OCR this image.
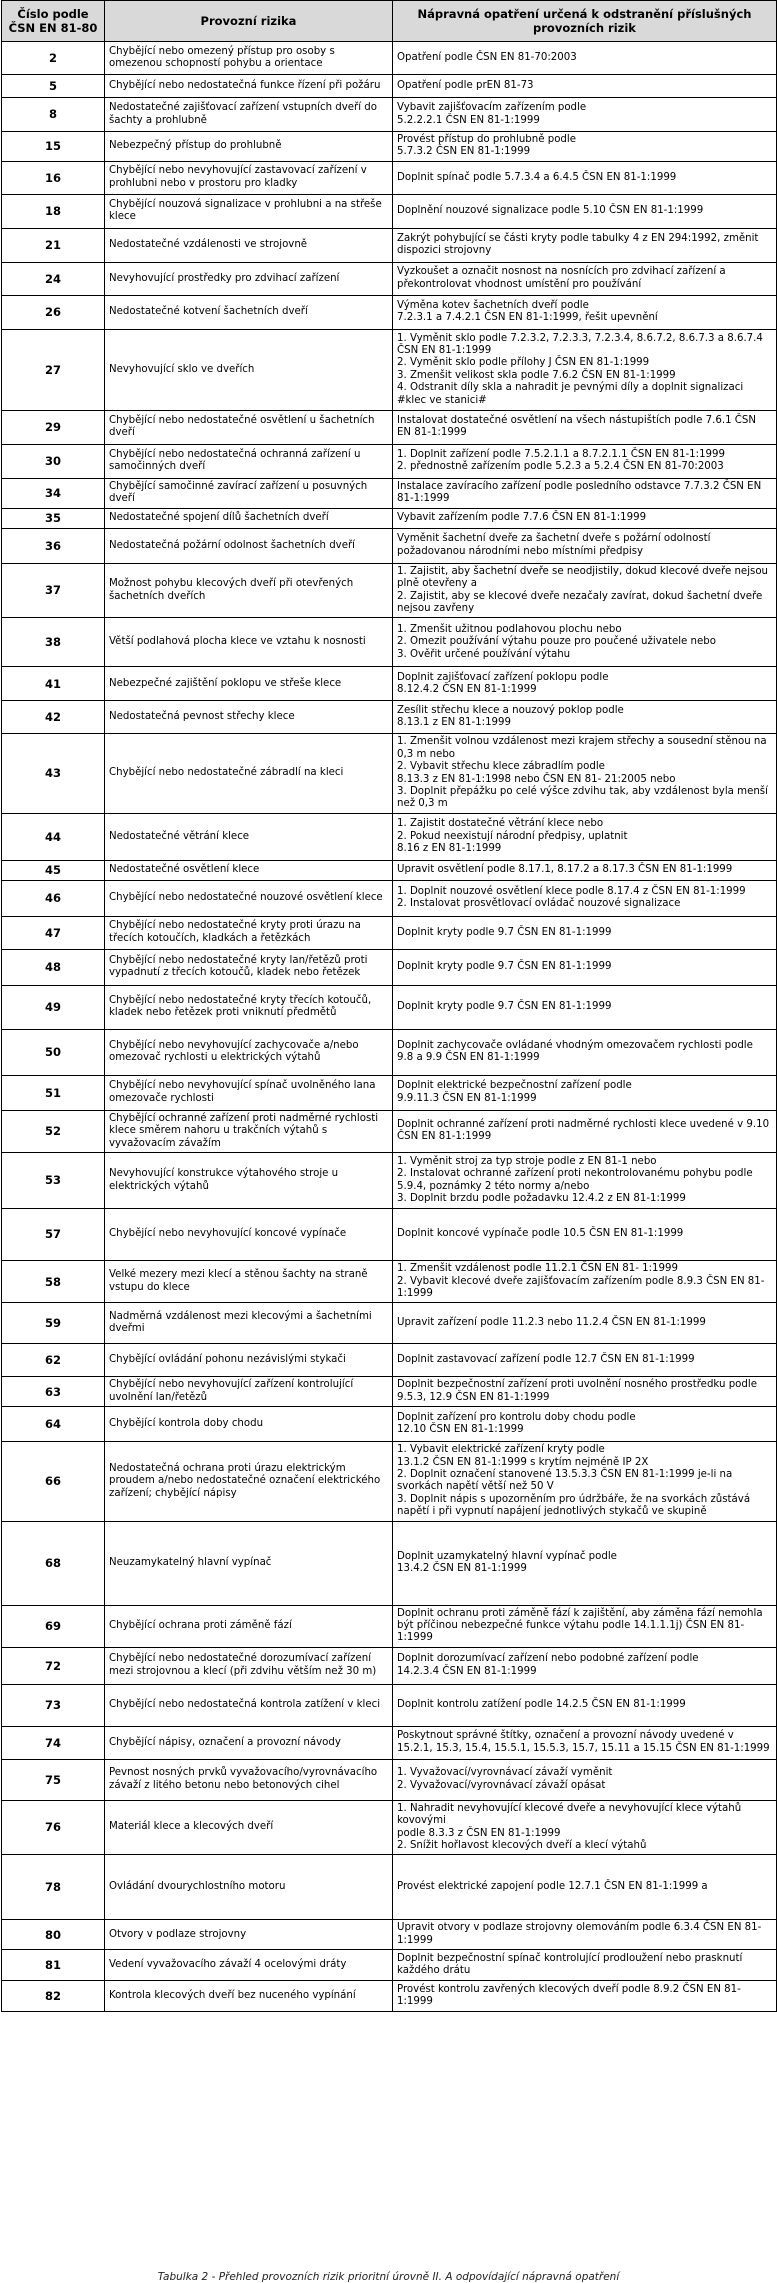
Číslo podle ČSN EN 81-80	Provozní rizika	Nápravná opatření určená k odstranění příslušných provozních rizik
2	Chybějící nebo omezený přístup pro osoby s omezenou schopností pohybu a orientace	Opatření podle ČSN EN 81-70:2003
5	Chybějící nebo nedostatečná funkce řízení při požáru	Opatření podle prEN 81-73
8	Nedostatečné zajišťovací zařízení vstupních dveří do šachty a prohlubně	Vybavit zajišťovacím zařízením podle
5.2.2.2.1 ČSN EN 81-1:1999
15	Nebezpečný přístup do prohlubně	Provést přístup do prohlubně podle
5.7.3.2 ČSN EN 81-1:1999
16	Chybějící nebo nevyhovující zastavovací zařízení v prohlubni nebo v prostoru pro kladky	Doplnit spínač podle 5.7.3.4 a 6.4.5 ČSN EN 81-1:1999
18	Chybějící nouzová signalizace v prohlubni a na střeše klece	Doplnění nouzové signalizace podle 5.10 ČSN EN 81-1:1999
21	Nedostatečné vzdálenosti ve strojovně	Zakrýt pohybující se části kryty podle tabulky 4 z EN 294:1992, změnit dispozici strojovny
24	Nevyhovující prostředky pro zdvihací zařízení	Vyzkoušet a označit nosnost na nosnících pro zdvihací zařízení a překontrolovat vhodnost umístění pro používání
26	Nedostatečné kotvení šachetních dveří	Výměna kotev šachetních dveří podle
7.2.3.1 a 7.4.2.1 ČSN EN 81-1:1999, řešit upevnění
27	Nevyhovující sklo ve dveřích	1. Vyměnit sklo podle 7.2.3.2, 7.2.3.3, 7.2.3.4, 8.6.7.2, 8.6.7.3 a 8.6.7.4 ČSN EN 81-1:1999
2. Vyměnit sklo podle přílohy J ČSN EN 81-1:1999
3. Zmenšit velikost skla podle 7.6.2 ČSN EN 81-1:1999
4. Odstranit díly skla a nahradit je pevnými díly a doplnit signalizaci #klec ve stanici#
29	Chybějící nebo nedostatečné osvětlení u šachetních dveří	Instalovat dostatečné osvětlení na všech nástupištích podle 7.6.1 ČSN EN 81-1:1999
30	Chybějící nebo nedostatečná ochranná zařízení u samočinných dveří	1. Doplnit zařízení podle 7.5.2.1.1 a 8.7.2.1.1 ČSN EN 81-1:1999
2. přednostně zařízením podle 5.2.3 a 5.2.4 ČSN EN 81-70:2003
34	Chybějící samočinné zavírací zařízení u posuvných dveří	Instalace zavíracího zařízení podle posledního odstavce 7.7.3.2 ČSN EN 81-1:1999
35	Nedostatečné spojení dílů šachetních dveří	Vybavit zařízením podle 7.7.6 ČSN EN 81-1:1999
36	Nedostatečná požární odolnost šachetních dveří	Vyměnit šachetní dveře za šachetní dveře s požární odolností požadovanou národními nebo místními předpisy
37	Možnost pohybu klecových dveří při otevřených šachetních dveřích	1. Zajistit, aby šachetní dveře se neodjistily, dokud klecové dveře nejsou plně otevřeny a
2. Zajistit, aby se klecové dveře nezačaly zavírat, dokud šachetní dveře nejsou zavřeny
38	Větší podlahová plocha klece ve vztahu k nosnosti	1. Zmenšit užitnou podlahovou plochu nebo
2. Omezit používání výtahu pouze pro poučené uživatele nebo
3. Ověřit určené používání výtahu
41	Nebezpečné zajištění poklopu ve střeše klece	Doplnit zajišťovací zařízení poklopu podle
8.12.4.2 ČSN EN 81-1:1999
42	Nedostatečná pevnost střechy klece	Zesílit střechu klece a nouzový poklop podle
8.13.1 z EN 81-1:1999
43	Chybějící nebo nedostatečné zábradlí na kleci	1. Zmenšit volnou vzdálenost mezi krajem střechy a sousední stěnou na 0,3 m nebo
2. Vybavit střechu klece zábradlím podle
8.13.3 z EN 81-1:1998 nebo ČSN EN 81- 21:2005 nebo
3. Doplnit přepážku po celé výšce zdvihu tak, aby vzdálenost byla menší než 0,3 m
44	Nedostatečné větrání klece	1. Zajistit dostatečné větrání klece nebo
2. Pokud neexistují národní předpisy, uplatnit
8.16 z EN 81-1:1999
45	Nedostatečné osvětlení klece	Upravit osvětlení podle 8.17.1, 8.17.2 a 8.17.3 ČSN EN 81-1:1999
46	Chybějící nebo nedostatečné nouzové osvětlení klece	1. Doplnit nouzové osvětlení klece podle 8.17.4 z ČSN EN 81-1:1999
2. Instalovat prosvětlovací ovládač nouzové signalizace
47	Chybějící nebo nedostatečné kryty proti úrazu na třecích kotoučích, kladkách a řetězkách	Doplnit kryty podle 9.7 ČSN EN 81-1:1999
48	Chybějící nebo nedostatečné kryty lan/řetězů proti vypadnutí z třecích kotoučů, kladek nebo řetězek	Doplnit kryty podle 9.7 ČSN EN 81-1:1999
49	Chybějící nebo nedostatečné kryty třecích kotoučů, kladek nebo řetězek proti vniknutí předmětů	Doplnit kryty podle 9.7 ČSN EN 81-1:1999
50	Chybějící nebo nevyhovující zachycovače a/nebo omezovač rychlosti u elektrických výtahů	Doplnit zachycovače ovládané vhodným omezovačem rychlosti podle 9.8 a 9.9 ČSN EN 81-1:1999
51	Chybějící nebo nevyhovující spínač uvolněného lana omezovače rychlosti	Doplnit elektrické bezpečnostní zařízení podle
9.9.11.3 ČSN EN 81-1:1999
52	Chybějící ochranné zařízení proti nadměrné rychlosti klece směrem nahoru u trakčních výtahů s vyvažovacím závažím	Doplnit ochranné zařízení proti nadměrné rychlosti klece uvedené v 9.10 ČSN EN 81-1:1999
53	Nevyhovující konstrukce výtahového stroje u elektrických výtahů	1. Vyměnit stroj za typ stroje podle z EN 81-1 nebo
2. Instalovat ochranné zařízení proti nekontrolovanému pohybu podle 5.9.4, poznámky 2 této normy a/nebo
3. Doplnit brzdu podle požadavku 12.4.2 z EN 81-1:1999
57	Chybějící nebo nevyhovující koncové vypínače	Doplnit koncové vypínače podle 10.5 ČSN EN 81-1:1999
58	Velké mezery mezi klecí a stěnou šachty na straně vstupu do klece	1. Zmenšit vzdálenost podle 11.2.1 ČSN EN 81- 1:1999
2. Vybavit klecové dveře zajišťovacím zařízením podle 8.9.3 ČSN EN 81-1:1999
59	Nadměrná vzdálenost mezi klecovými a šachetními dveřmi	Upravit zařízení podle 11.2.3 nebo 11.2.4 ČSN EN 81-1:1999
62	Chybějící ovládání pohonu nezávislými stykači	Doplnit zastavovací zařízení podle 12.7 ČSN EN 81-1:1999
63	Chybějící nebo nevyhovující zařízení kontrolující uvolnění lan/řetězů	Doplnit bezpečnostní zařízení proti uvolnění nosného prostředku podle 9.5.3, 12.9 ČSN EN 81-1:1999
64	Chybějící kontrola doby chodu	Doplnit zařízení pro kontrolu doby chodu podle
12.10 ČSN EN 81-1:1999
66	Nedostatečná ochrana proti úrazu elektrickým proudem a/nebo nedostatečné označení elektrického zařízení; chybějící nápisy	1. Vybavit elektrické zařízení kryty podle
13.1.2 ČSN EN 81-1:1999 s krytím nejméně IP 2X
2. Doplnit označení stanovené 13.5.3.3 ČSN EN 81-1:1999 je-li na svorkách napětí větší než 50 V
3. Doplnit nápis s upozorněním pro údržbáře, že na svorkách zůstává napětí i při vypnutí napájení jednotlivých stykačů ve skupině
68	Neuzamykatelný hlavní vypínač	Doplnit uzamykatelný hlavní vypínač podle
13.4.2 ČSN EN 81-1:1999
69	Chybějící ochrana proti záměně fází	Doplnit ochranu proti záměně fází k zajištění, aby záměna fází nemohla být příčinou nebezpečné funkce výtahu podle 14.1.1.1j) ČSN EN 81-1:1999
72	Chybějící nebo nedostatečné dorozumívací zařízení mezi strojovnou a klecí (při zdvihu větším než 30 m)	Doplnit dorozumívací zařízení nebo podobné zařízení podle
14.2.3.4 ČSN EN 81-1:1999
73	Chybějící nebo nedostatečná kontrola zatížení v kleci	Doplnit kontrolu zatížení podle 14.2.5 ČSN EN 81-1:1999
74	Chybějící nápisy, označení a provozní návody	Poskytnout správné štítky, označení a provozní návody uvedené v 15.2.1, 15.3, 15.4, 15.5.1, 15.5.3, 15.7, 15.11 a 15.15 ČSN EN 81-1:1999
75	Pevnost nosných prvků vyvažovacího/vyrovnávacího závaží z litého betonu nebo betonových cihel	1. Vyvažovací/vyrovnávací závaží vyměnit
2. Vyvažovací/vyrovnávací závaží opásat
76	Materiál klece a klecových dveří	1. Nahradit nevyhovující klecové dveře a nevyhovující klece výtahů kovovými
podle 8.3.3 z ČSN EN 81-1:1999
2. Snížit hořlavost klecových dveří a klecí výtahů
78	Ovládání dvourychlostního motoru	Provést elektrické zapojení podle 12.7.1 ČSN EN 81-1:1999 a
80	Otvory v podlaze strojovny	Upravit otvory v podlaze strojovny olemováním podle 6.3.4 ČSN EN 81-1:1999
81	Vedení vyvažovacího závaží 4 ocelovými dráty	Doplnit bezpečnostní spínač kontrolující prodloužení nebo prasknutí každého drátu
82	Kontrola klecových dveří bez nuceného vypínání	Provést kontrolu zavřených klecových dveří podle 8.9.2 ČSN EN 81-1:1999
Tabulka 2 - Přehled provozních rizik prioritní úrovně II. A odpovídající nápravná opatření
